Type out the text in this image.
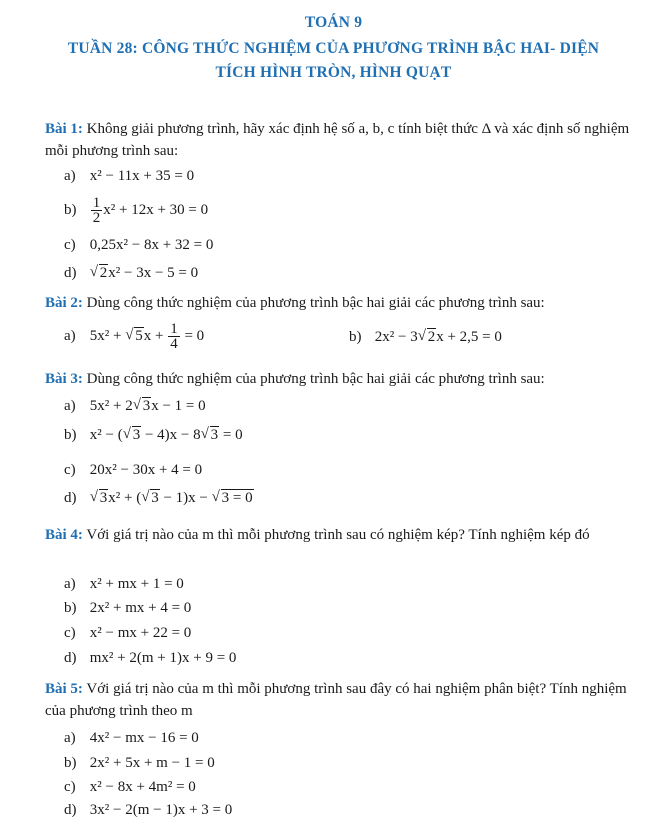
TOÁN 9
TUẦN 28: CÔNG THỨC NGHIỆM CỦA PHƯƠNG TRÌNH BẬC HAI- DIỆN
TÍCH HÌNH TRÒN, HÌNH QUẠT
Bài 1: Không giải phương trình, hãy xác định hệ số a, b, c tính biệt thức Δ và xác định số nghiệm mỗi phương trình sau:
a) x² − 11x + 35 = 0
$b) \frac{1}{2} x^2 + 12x + 30 = 0$
c) 0,25x² − 8x + 32 = 0
d) √ 2x² − 3x − 5 = 0
Bài 2: Dùng công thức nghiệm của phương trình bậc hai giải các phương trình sau:
a) 5x² + √ $5x + \frac{1}{4} = 0$	b) 2x² − 3 √ 2x + 2,5 = 0
Bài 3: Dùng công thức nghiệm của phương trình bậc hai giải các phương trình sau:
a) 5x² + 2 √ 3x − 1 = 0
b) x² − ( √ 3 − 4)x − 8 √ 3 = 0
c) 20x² − 30x + 4 = 0
d) √ 3x² + ( √ 3 − 1)x − √ 3 = 0
Bài 4: Với giá trị nào của m thì mỗi phương trình sau có nghiệm kép? Tính nghiệm kép đó
a) x² + mx + 1 = 0
b) 2x² + mx + 4 = 0
c) x² − mx + 22 = 0
d) mx² + 2(m + 1)x + 9 = 0
Bài 5: Với giá trị nào của m thì mỗi phương trình sau đây có hai nghiệm phân biệt? Tính nghiệm của phương trình theo m
a) 4x² − mx − 16 = 0
b) 2x² + 5x + m − 1 = 0
c) x² − 8x + 4m² = 0
d) 3x² − 2(m − 1)x + 3 = 0
